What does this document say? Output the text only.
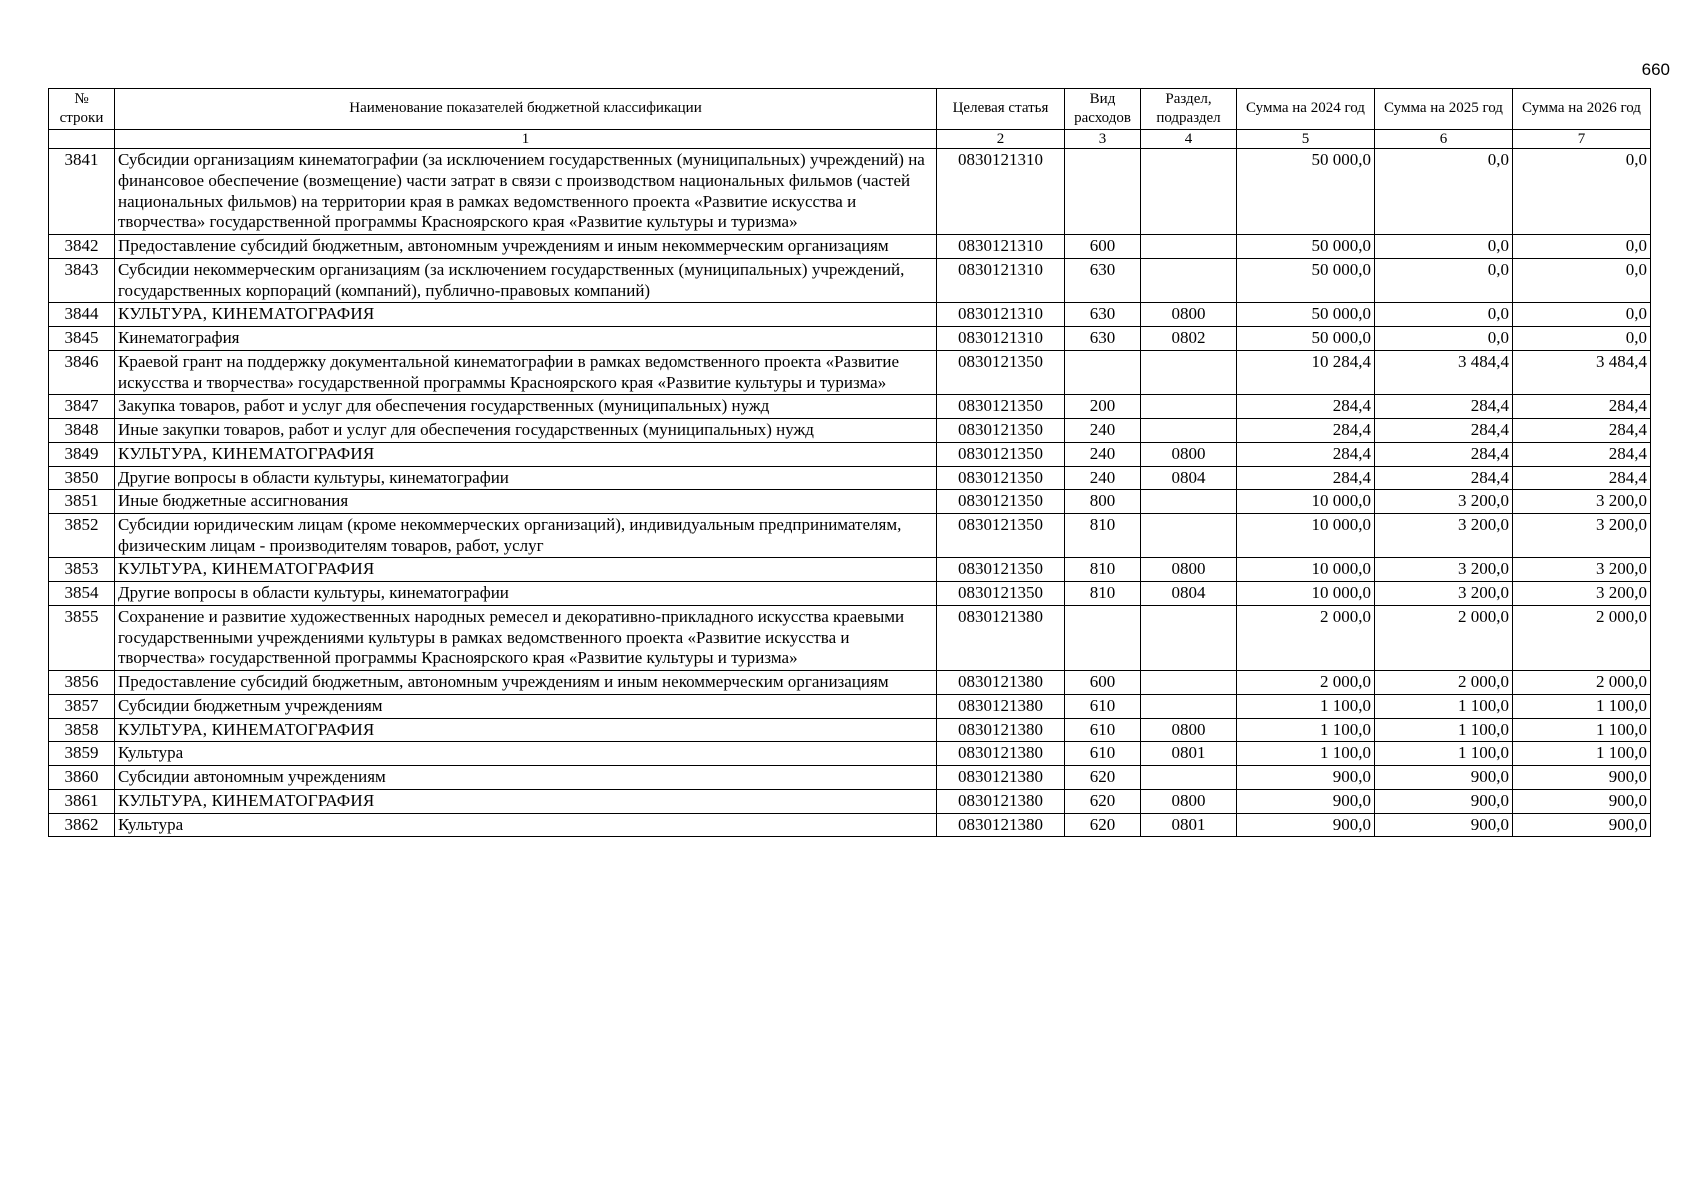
660
№ строки	Наименование показателей бюджетной классификации	Целевая статья	Вид расходов	Раздел, подраздел	Сумма на 2024 год	Сумма на 2025 год	Сумма на 2026 год
	1	2	3	4	5	6	7
3841	Субсидии организациям кинематографии (за исключением государственных (муниципальных) учреждений) на финансовое обеспечение (возмещение) части затрат в связи с производством национальных фильмов (частей национальных фильмов) на территории края в рамках ведомственного проекта «Развитие искусства и творчества» государственной программы Красноярского края «Развитие культуры и туризма»	0830121310			50 000,0	0,0	0,0
3842	Предоставление субсидий бюджетным, автономным учреждениям и иным некоммерческим организациям	0830121310	600		50 000,0	0,0	0,0
3843	Субсидии некоммерческим организациям (за исключением государственных (муниципальных) учреждений, государственных корпораций (компаний), публично-правовых компаний)	0830121310	630		50 000,0	0,0	0,0
3844	КУЛЬТУРА, КИНЕМАТОГРАФИЯ	0830121310	630	0800	50 000,0	0,0	0,0
3845	Кинематография	0830121310	630	0802	50 000,0	0,0	0,0
3846	Краевой грант на поддержку документальной кинематографии в рамках ведомственного проекта «Развитие искусства и творчества» государственной программы Красноярского края «Развитие культуры и туризма»	0830121350			10 284,4	3 484,4	3 484,4
3847	Закупка товаров, работ и услуг для обеспечения государственных (муниципальных) нужд	0830121350	200		284,4	284,4	284,4
3848	Иные закупки товаров, работ и услуг для обеспечения государственных (муниципальных) нужд	0830121350	240		284,4	284,4	284,4
3849	КУЛЬТУРА, КИНЕМАТОГРАФИЯ	0830121350	240	0800	284,4	284,4	284,4
3850	Другие вопросы в области культуры, кинематографии	0830121350	240	0804	284,4	284,4	284,4
3851	Иные бюджетные ассигнования	0830121350	800		10 000,0	3 200,0	3 200,0
3852	Субсидии юридическим лицам (кроме некоммерческих организаций), индивидуальным предпринимателям, физическим лицам - производителям товаров, работ, услуг	0830121350	810		10 000,0	3 200,0	3 200,0
3853	КУЛЬТУРА, КИНЕМАТОГРАФИЯ	0830121350	810	0800	10 000,0	3 200,0	3 200,0
3854	Другие вопросы в области культуры, кинематографии	0830121350	810	0804	10 000,0	3 200,0	3 200,0
3855	Сохранение и развитие художественных народных ремесел и декоративно-прикладного искусства краевыми государственными учреждениями культуры в рамках ведомственного проекта «Развитие искусства и творчества» государственной программы Красноярского края «Развитие культуры и туризма»	0830121380			2 000,0	2 000,0	2 000,0
3856	Предоставление субсидий бюджетным, автономным учреждениям и иным некоммерческим организациям	0830121380	600		2 000,0	2 000,0	2 000,0
3857	Субсидии бюджетным учреждениям	0830121380	610		1 100,0	1 100,0	1 100,0
3858	КУЛЬТУРА, КИНЕМАТОГРАФИЯ	0830121380	610	0800	1 100,0	1 100,0	1 100,0
3859	Культура	0830121380	610	0801	1 100,0	1 100,0	1 100,0
3860	Субсидии автономным учреждениям	0830121380	620		900,0	900,0	900,0
3861	КУЛЬТУРА, КИНЕМАТОГРАФИЯ	0830121380	620	0800	900,0	900,0	900,0
3862	Культура	0830121380	620	0801	900,0	900,0	900,0
